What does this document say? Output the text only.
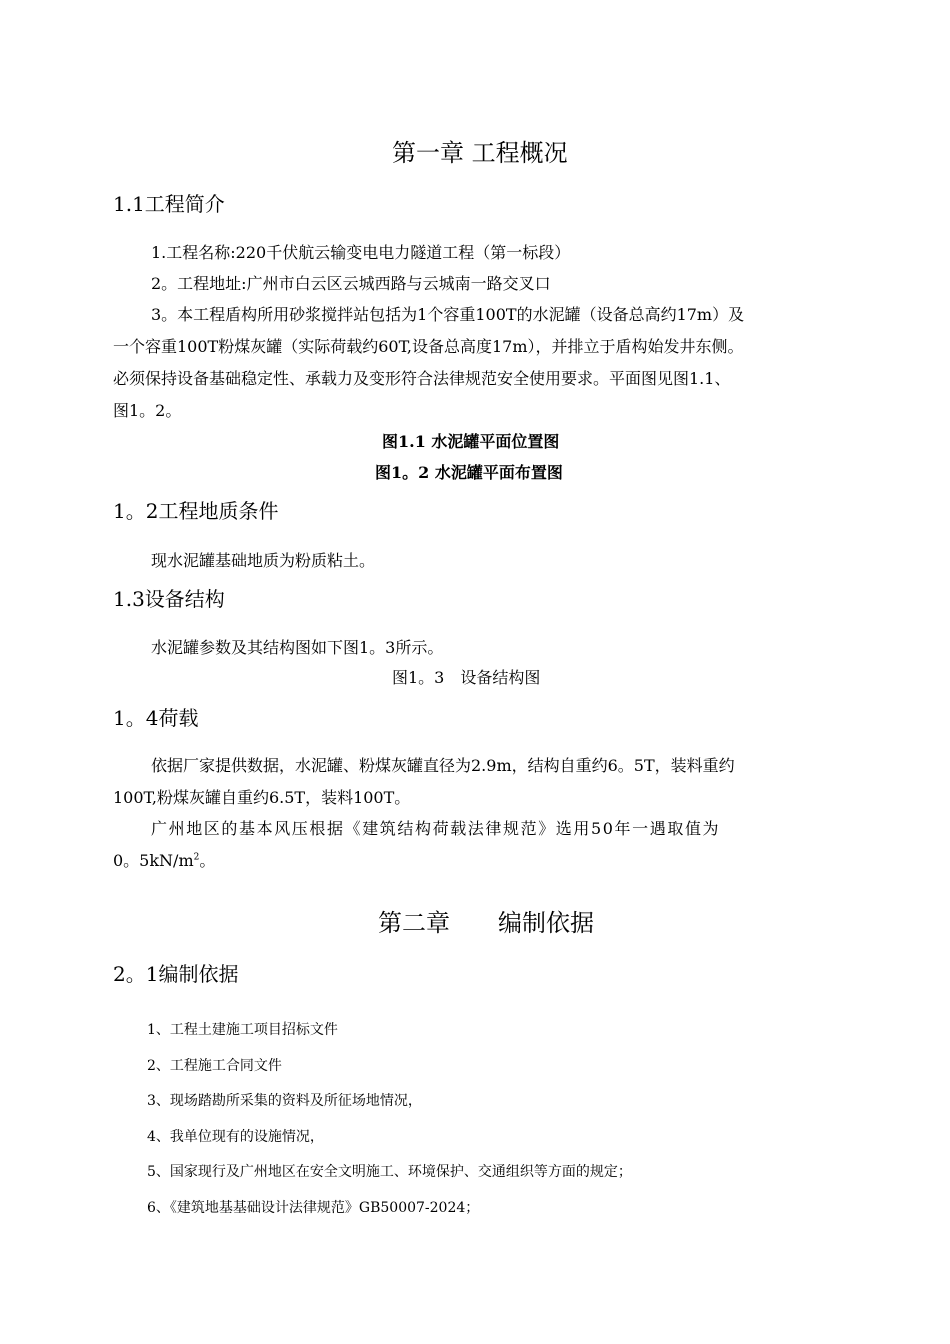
第一章 工程概况
1.1工程简介
1.工程名称:220千伏航云输变电电力隧道工程（第一标段）
2。工程地址:广州市白云区云城西路与云城南一路交叉口
3。本工程盾构所用砂浆搅拌站包括为1个容重100T的水泥罐（设备总高约17m）及
一个容重100T粉煤灰罐（实际荷载约60T,设备总高度17m），并排立于盾构始发井东侧。
必须保持设备基础稳定性、承载力及变形符合法律规范安全使用要求。平面图见图1.1、
图1。2。
图1.1 水泥罐平面位置图
图1。2 水泥罐平面布置图
1。2工程地质条件
现水泥罐基础地质为粉质粘土。
1.3设备结构
水泥罐参数及其结构图如下图1。3所示。
图1。3　设备结构图
1。4荷载
依据厂家提供数据，水泥罐、粉煤灰罐直径为2.9m，结构自重约6。5T，装料重约
100T,粉煤灰罐自重约6.5T，装料100T。
广州地区的基本风压根据《建筑结构荷载法律规范》选用50年一遇取值为
0。$5kN/m^2$。
第二章　　编制依据
2。1编制依据
1、工程土建施工项目招标文件
2、工程施工合同文件
3、现场踏勘所采集的资料及所征场地情况，
4、我单位现有的设施情况，
5、国家现行及广州地区在安全文明施工、环境保护、交通组织等方面的规定；
6、《建筑地基基础设计法律规范》GB50007-2024；
